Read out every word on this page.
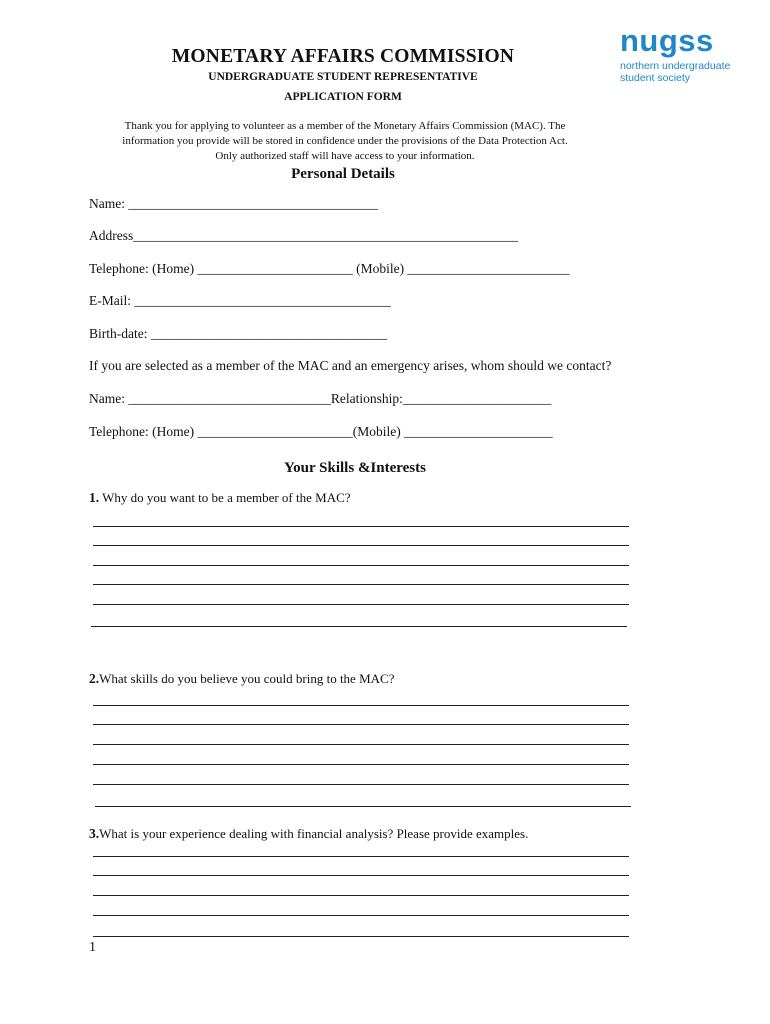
nugss
northern undergraduate
student society
MONETARY AFFAIRS COMMISSION
UNDERGRADUATE STUDENT REPRESENTATIVE
APPLICATION FORM
Thank you for applying to volunteer as a member of the Monetary Affairs Commission (MAC). The
information you provide will be stored in confidence under the provisions of the Data Protection Act.
Only authorized staff will have access to your information.
Personal Details
Name: _____________________________________
Address_________________________________________________________
Telephone: (Home) _______________________ (Mobile) ________________________
E-Mail: ______________________________________
Birth-date: ___________________________________
If you are selected as a member of the MAC and an emergency arises, whom should we contact?
Name: ______________________________Relationship:______________________
Telephone: (Home) _______________________(Mobile) ______________________
Your Skills &Interests
1. Why do you want to be a member of the MAC?
2.What skills do you believe you could bring to the MAC?
3.What is your experience dealing with financial analysis? Please provide examples.
1
